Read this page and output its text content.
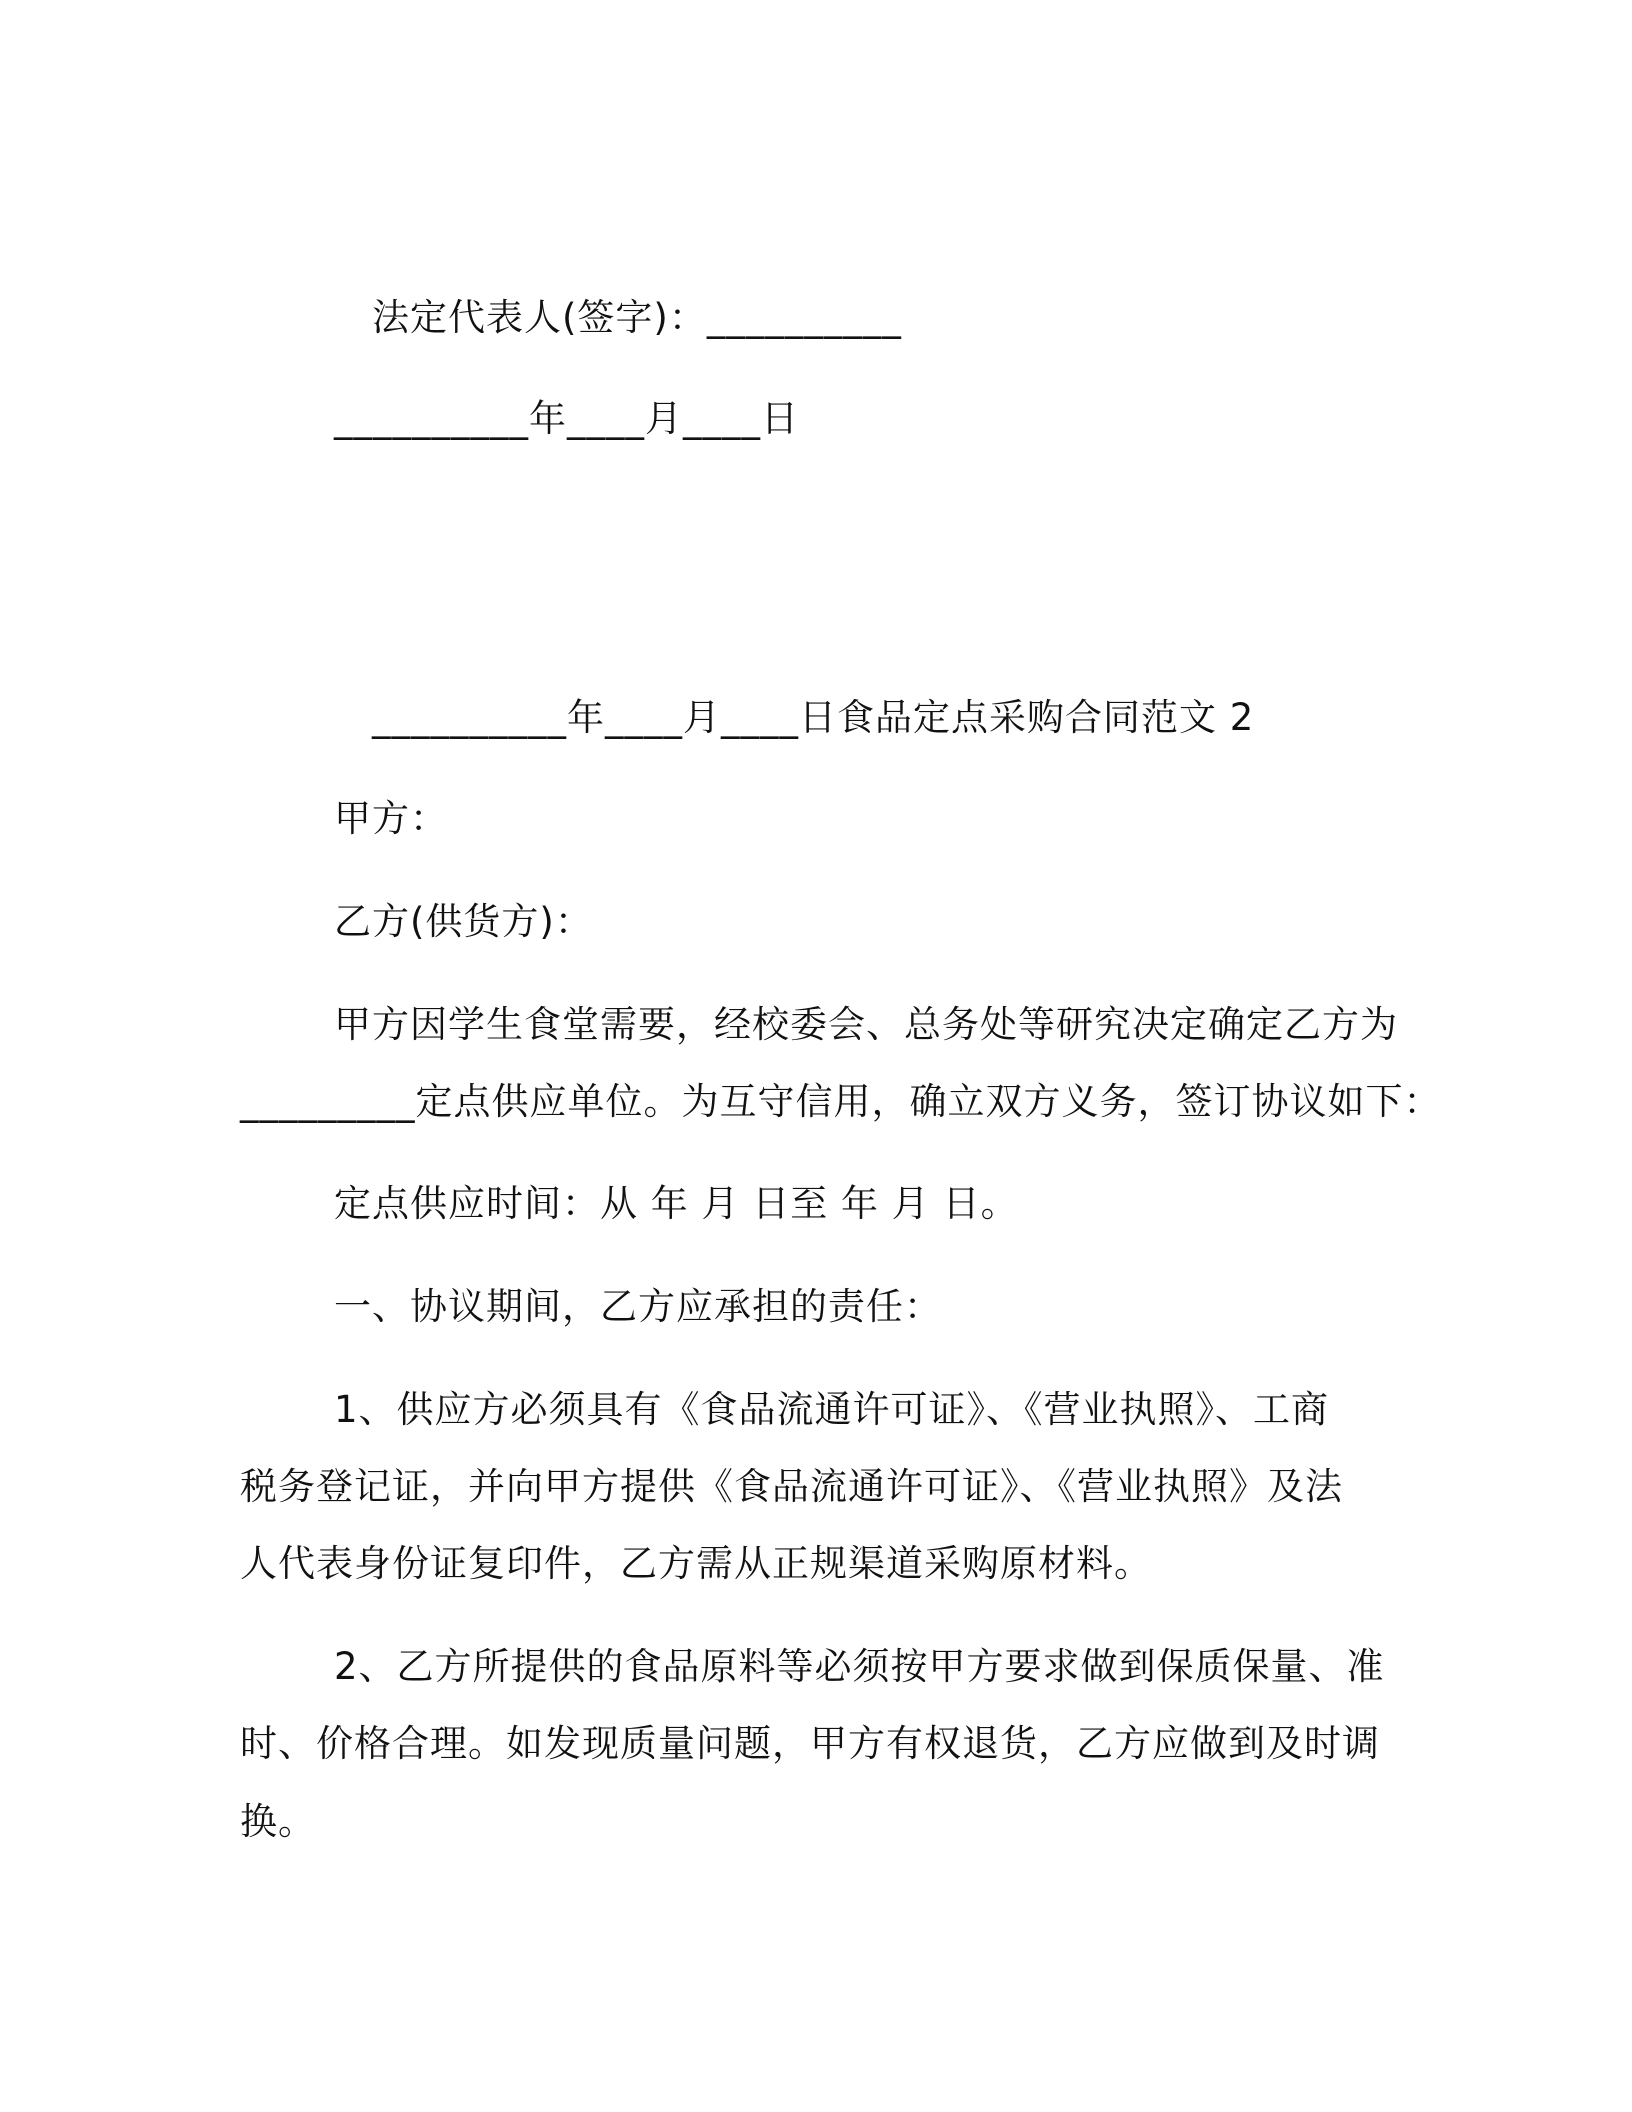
法定代表人(签字)：__________
__________年____月____日
__________年____月____日食品定点采购合同范文 2
甲方：
乙方(供货方)：
甲方因学生食堂需要，经校委会、总务处等研究决定确定乙方为
_________定点供应单位。为互守信用，确立双方义务，签订协议如下：
定点供应时间：从 年 月 日至 年 月 日。
一、协议期间，乙方应承担的责任：
1、供应方必须具有《食品流通许可证》、《营业执照》、工商
税务登记证，并向甲方提供《食品流通许可证》、《营业执照》及法
人代表身份证复印件，乙方需从正规渠道采购原材料。
2、乙方所提供的食品原料等必须按甲方要求做到保质保量、准
时、价格合理。如发现质量问题，甲方有权退货，乙方应做到及时调
换。
